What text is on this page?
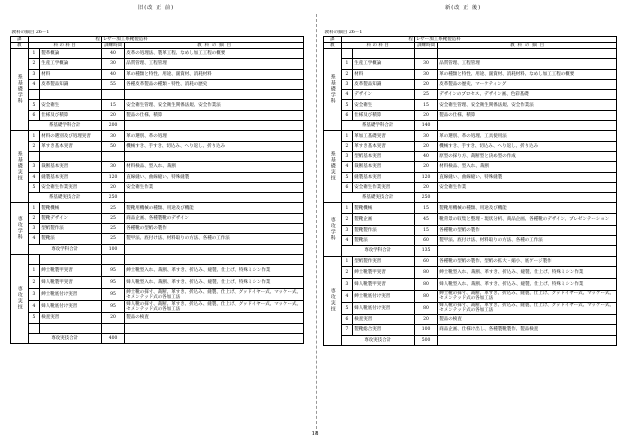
旧(改 正 前)	新(改 正 後)
教科の細目 26－1				
課	程		レザー加工系靴製造科	
教	科 の 科 目		訓練時間	教 科 の 細 目
系基礎学科	1	製革概論	40	皮革の処理法、製革工程、なめし加工工程の概要
	2	生産工学概論	30	品質管理、工程管理
	3	材料	40	革の種類と特性、用途、副資材、消耗材料
	4	皮革製品知識	55	各種皮革製品の種類・特性、消耗の歴史

	5	安全衛生	15	安全衛生管理、安全衛生関係法規、安全作業法
	6	仕様及び積算	20	製品の仕様、積算
	系基礎学科合計		200	
系基礎実技	1	材料の選別及び処理実習	30	革の選別、革の処理
	2	革すき基本実習	50	機械すき、手すき、切込み、へり返し、折り込み

	3	裁断基本実習	30	材料検品、型入れ、裁断
	4	縫製基本実習	120	直線縫い、曲線縫い、特殊縫製
	5	安全衛生作業実習	20	安全衛生作業
	系基礎実技合計		250	
専攻学科	1	製靴機械	25	製靴用機械の種類、用途及び機能
	2	製靴デザイン	25	商品企画、各種製靴のデザイン
	3	型紙製作法	25	各種靴の型紙の製作
	4	製靴法	25	製甲法、底付け法、材料取りの方法、各種の工作法
	専攻学科合計		100	
専攻実技				
	1	紳士靴製甲実習	95	紳士靴型入れ、裁断、革すき、折込み、縫製、仕上げ、特殊ミシン作業
	2	婦人靴製甲実習	95	婦人靴型入れ、裁断、革すき、折込み、縫製、仕上げ、特殊ミシン作業
	3	紳士靴底付け実習	95	紳士靴の採寸、裁断、革すき、折込み、縫製、仕上げ、グッドイヤー式、マッケー式、セメンテッド式の各加工法
	4	婦人靴底付け実習	95	婦人靴の採寸、裁断、革すき、折込み、縫製、仕上げ、グッドイヤー式、マッケー式、セメンテッド式の各加工法
	5	検査実習	20	製品の検査

	専攻実技合計		400	
教科の細目 26－1				
課	程		レザー加工系靴製造科	
教	科 の 科 目		訓練時間	教 科 の 細 目
系基礎学科				
	1	生産工学概論	30	品質管理、工程管理
	2	材料	30	革の種類と特性、用途、副資材、消耗材料、なめし加工工程の概要
	3	皮革製品知識	20	皮革製品の歴史、マーケティング
	4	デザイン	25	デザインのプロセス、デザイン画、色彩基礎
	5	安全衛生	15	安全衛生管理、安全衛生関係法規、安全作業法
	6	仕様及び積算	20	製品の仕様、積算
	系基礎学科合計		140	
系基礎実技	1	革加工基礎実習	30	革の選別、革の処理、工具使用法
	2	革すき基本実習	20	機械すき、手すき、切込み、へり返し、折り込み
	3	型紙基本実習	40	原型の採り方、裁断型と決め型の作成
	4	裁断基本実習	20	材料検品、型入れ、裁断
	5	縫製基本実習	120	直線縫い、曲線縫い、特殊縫製
	6	安全衛生作業実習	20	安全衛生作業
	系基礎実技合計		250	
専攻学科	1	製靴機械	15	製靴用機械の種類、用途及び機能
	2	製靴企画	45	靴背景の収集と整理・現状分析、商品企画、各種靴のデザイン、プレゼンテーション
	3	製靴製作法	15	各種靴の型紙の製作
	4	製靴法	60	製甲法、底付け法、材料取りの方法、各種の工作法
	専攻学科合計		135	
専攻実技	1	型紙製作実習	60	各種靴の型紙の製作、型紙の拡大・縮小、底ゲージ製作
	2	紳士靴製甲実習	80	紳士靴型入れ、裁断、革すき、折込み、縫製、仕上げ、特殊ミシン作業
	3	婦人靴製甲実習	80	婦人靴型入れ、裁断、革すき、折込み、縫製、仕上げ、特殊ミシン作業
	4	紳士靴底付け実習	80	紳士靴の採寸、裁断、革すき、折込み、縫製、仕上げ、グッドイヤー式、マッケー式、セメンテッド式の各加工法
	5	婦人靴底付け実習	80	婦人靴の採寸、裁断、革すき、折込み、縫製、仕上げ、グッドイヤー式、マッケー式、セメンテッド式の各加工法
	6	検査実習	20	製品の検査
	7	製靴総合実習	100	商品企画、仕様け出し、各種製靴製作、製品検査
	専攻実技合計		500	
18
